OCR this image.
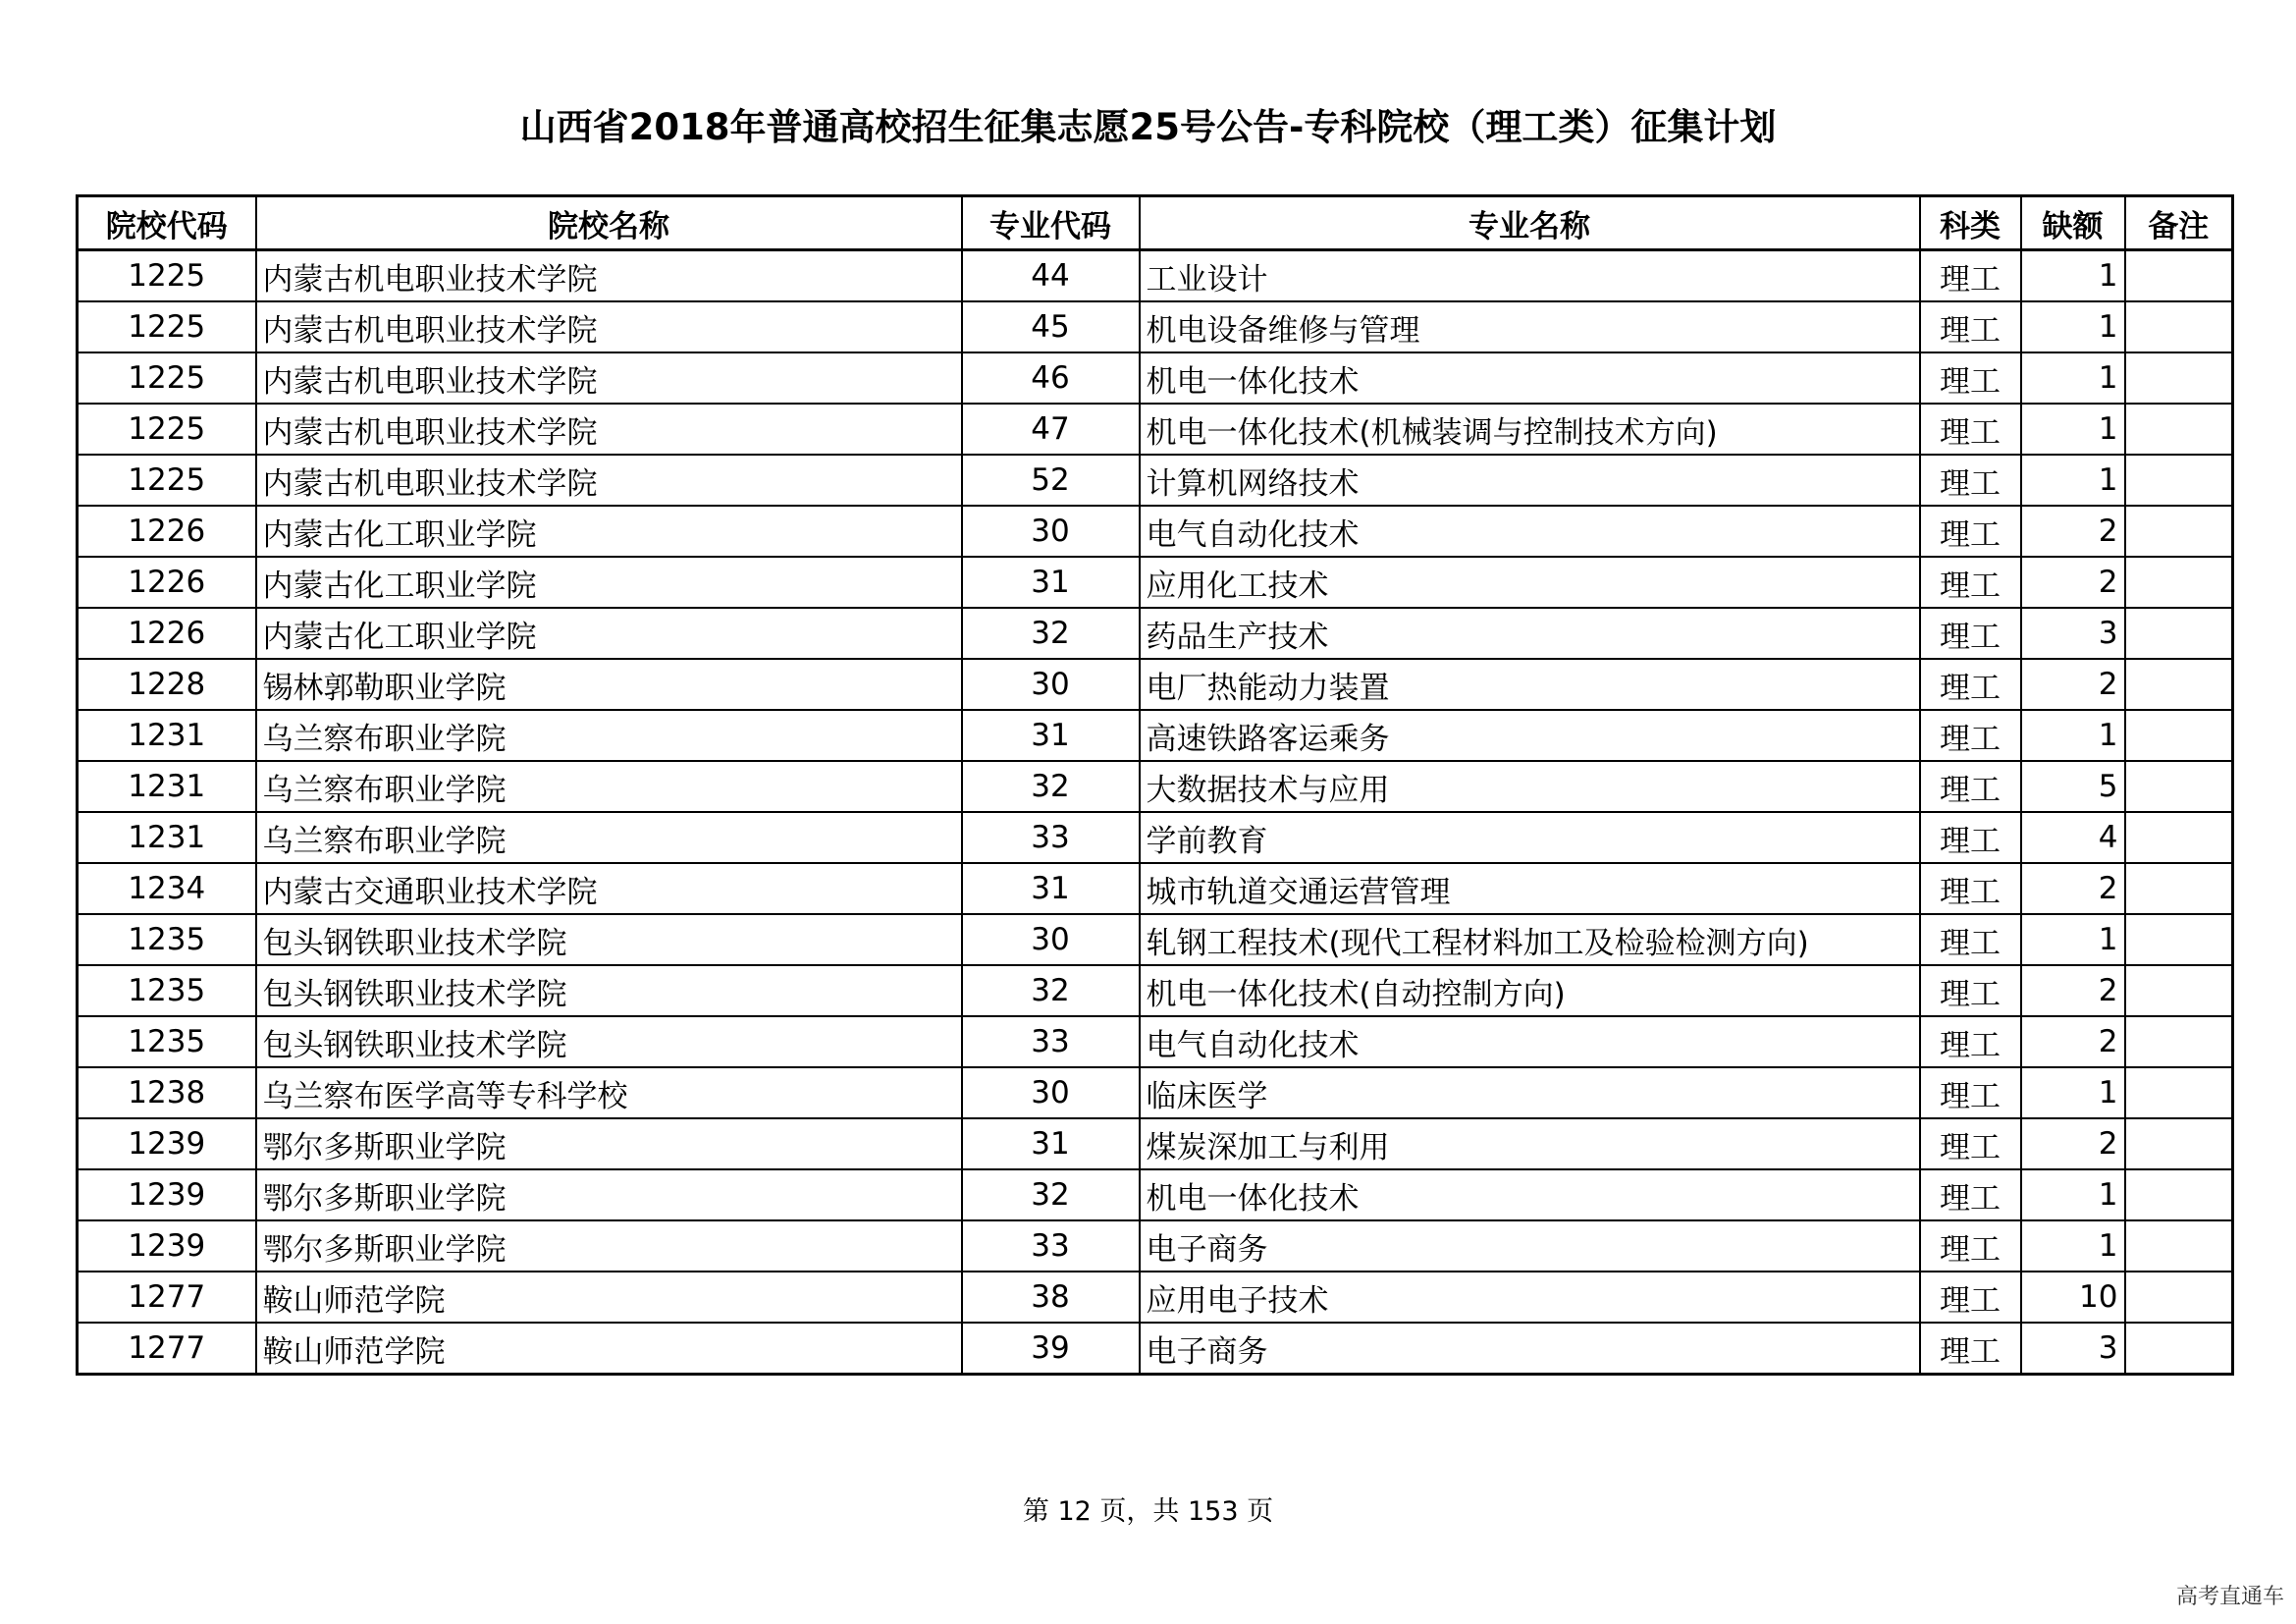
山西省2018年普通高校招生征集志愿25号公告-专科院校（理工类）征集计划
院校代码	院校名称	专业代码	专业名称	科类	缺额	备注
1225	内蒙古机电职业技术学院	44	工业设计	理工	1	
1225	内蒙古机电职业技术学院	45	机电设备维修与管理	理工	1	
1225	内蒙古机电职业技术学院	46	机电一体化技术	理工	1	
1225	内蒙古机电职业技术学院	47	机电一体化技术(机械装调与控制技术方向)	理工	1	
1225	内蒙古机电职业技术学院	52	计算机网络技术	理工	1	
1226	内蒙古化工职业学院	30	电气自动化技术	理工	2	
1226	内蒙古化工职业学院	31	应用化工技术	理工	2	
1226	内蒙古化工职业学院	32	药品生产技术	理工	3	
1228	锡林郭勒职业学院	30	电厂热能动力装置	理工	2	
1231	乌兰察布职业学院	31	高速铁路客运乘务	理工	1	
1231	乌兰察布职业学院	32	大数据技术与应用	理工	5	
1231	乌兰察布职业学院	33	学前教育	理工	4	
1234	内蒙古交通职业技术学院	31	城市轨道交通运营管理	理工	2	
1235	包头钢铁职业技术学院	30	轧钢工程技术(现代工程材料加工及检验检测方向)	理工	1	
1235	包头钢铁职业技术学院	32	机电一体化技术(自动控制方向)	理工	2	
1235	包头钢铁职业技术学院	33	电气自动化技术	理工	2	
1238	乌兰察布医学高等专科学校	30	临床医学	理工	1	
1239	鄂尔多斯职业学院	31	煤炭深加工与利用	理工	2	
1239	鄂尔多斯职业学院	32	机电一体化技术	理工	1	
1239	鄂尔多斯职业学院	33	电子商务	理工	1	
1277	鞍山师范学院	38	应用电子技术	理工	10	
1277	鞍山师范学院	39	电子商务	理工	3	
第 12 页，共 153 页
高考直通车
